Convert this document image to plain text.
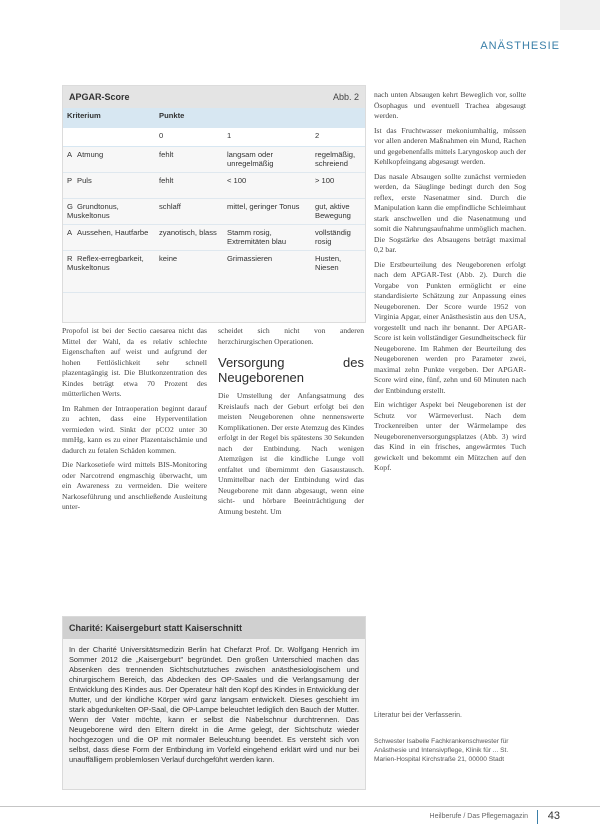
ANÄSTHESIE
APGAR-Score	Abb. 2
Kriterium	Punkte		
	0	1	2
A Atmung	fehlt	langsam oder unregelmäßig	regelmäßig, schreiend
P Puls	fehlt	< 100	> 100
G Grundtonus, Muskeltonus	schlaff	mittel, geringer Tonus	gut, aktive Bewegung
A Aussehen, Hautfarbe	zyanotisch, blass	Stamm rosig, Extremitäten blau	vollständig rosig
R Reflex-erregbarkeit, Muskeltonus	keine	Grimassieren	Husten, Niesen

Propofol ist bei der Sectio caesarea nicht das Mittel der Wahl, da es relativ schlechte Eigenschaften auf weist und aufgrund der hohen Fettlöslichkeit sehr schnell plazentagängig ist. Die Blutkonzentration des Kindes beträgt etwa 70 Prozent des mütterlichen Werts.

Im Rahmen der Intraoperation beginnt darauf zu achten, dass eine Hyperventilation vermieden wird. Sinkt der pCO2 unter 30 mmHg, kann es zu einer Plazentaischämie und dadurch zu fetalen Schäden kommen.

Die Narkosetiefe wird mittels BIS-Monitoring oder Narcotrend engmaschig überwacht, um ein Awareness zu vermeiden. Die weitere Narkoseführung und anschließende Ausleitung unter-

scheidet sich nicht von anderen herzchirurgischen Operationen.

Versorgung des Neugeborenen

Die Umstellung der Anfangsatmung des Kreislaufs nach der Geburt erfolgt bei den meisten Neugeborenen ohne nennenswerte Komplikationen. Der erste Atemzug des Kindes erfolgt in der Regel bis spätestens 30 Sekunden nach der Entbindung. Nach wenigen Atemzügen ist die kindliche Lunge voll entfaltet und übernimmt den Gasaustausch. Unmittelbar nach der Entbindung wird das Neugeborene mit dann abgesaugt, wenn eine sicht- und hörbare Beeinträchtigung der Atmung besteht. Um

nach unten Absaugen kehrt Beweglich vor, sollte Ösophagus und eventuell Trachea abgesaugt werden.

Ist das Fruchtwasser mekoniumhaltig, müssen vor allen anderen Maßnahmen ein Mund, Rachen und gegebenenfalls mittels Laryngoskop auch der Kehlkopfeingang abgesaugt werden.

Das nasale Absaugen sollte zunächst vermieden werden, da Säuglinge bedingt durch den Sog reflex, erste Nasenatmer sind. Durch die Manipulation kann die empfindliche Schleimhaut stark anschwellen und die Nasenatmung und somit die Nahrungsaufnahme unmöglich machen. Die Sogstärke des Absaugens beträgt maximal 0,2 bar.

Die Erstbeurteilung des Neugeborenen erfolgt nach dem APGAR-Test (Abb. 2). Durch die Vorgabe von Punkten ermöglicht er eine standardisierte Schätzung zur Anpassung eines Neugeborenen. Der Score wurde 1952 von Virginia Apgar, einer Anästhesistin aus den USA, vorgestellt und nach ihr benannt. Der APGAR-Score ist kein vollständiger Gesundheitscheck für Neugeborene. Im Rahmen der Beurteilung des Neugeborenen werden pro Parameter zwei, maximal zehn Punkte vergeben. Der APGAR-Score wird eine, fünf, zehn und 60 Minuten nach der Entbindung erstellt.

Ein wichtiger Aspekt bei Neugeborenen ist der Schutz vor Wärmeverlust. Nach dem Trockenreiben unter der Wärmelampe des Neugeborenenversorgungsplatzes (Abb. 3) wird das Kind in ein frisches, angewärmtes Tuch gewickelt und bekommt ein Mützchen auf den Kopf.

Charité: Kaisergeburt statt Kaiserschnitt
In der Charité Universitätsmedizin Berlin hat Chefarzt Prof. Dr. Wolfgang Henrich im Sommer 2012 die „Kaisergeburt" begründet. Den großen Unterschied machen das Absenken des trennenden Sichtschutztuches zwischen anästhesiologischem und chirurgischem Bereich, das Abdecken des OP-Saales und die Verlangsamung der Entwicklung des Kindes aus. Der Operateur hält den Kopf des Kindes in Entwicklung der Mutter, und der kindliche Körper wird ganz langsam entwickelt. Dieses geschieht im stark abgedunkelten OP-Saal, die OP-Lampe beleuchtet lediglich den Bauch der Mutter. Wenn der Vater möchte, kann er selbst die Nabelschnur durchtrennen. Das Neugeborene wird den Eltern direkt in die Arme gelegt, der Sichtschutz wieder hochgezogen und die OP mit normaler Beleuchtung beendet. Es versteht sich von selbst, dass diese Form der Entbindung im Vorfeld eingehend erklärt wird und nur bei unauffälligem problemlosen Verlauf durchgeführt werden kann.
Literatur bei der Verfasserin.
Schwester Isabelle Fachkrankenschwester für Anästhesie und Intensivpflege, Klinik für ... St. Marien-Hospital Kirchstraße 21, 00000 Stadt
Heilberufe / Das Pflegemagazin 43
